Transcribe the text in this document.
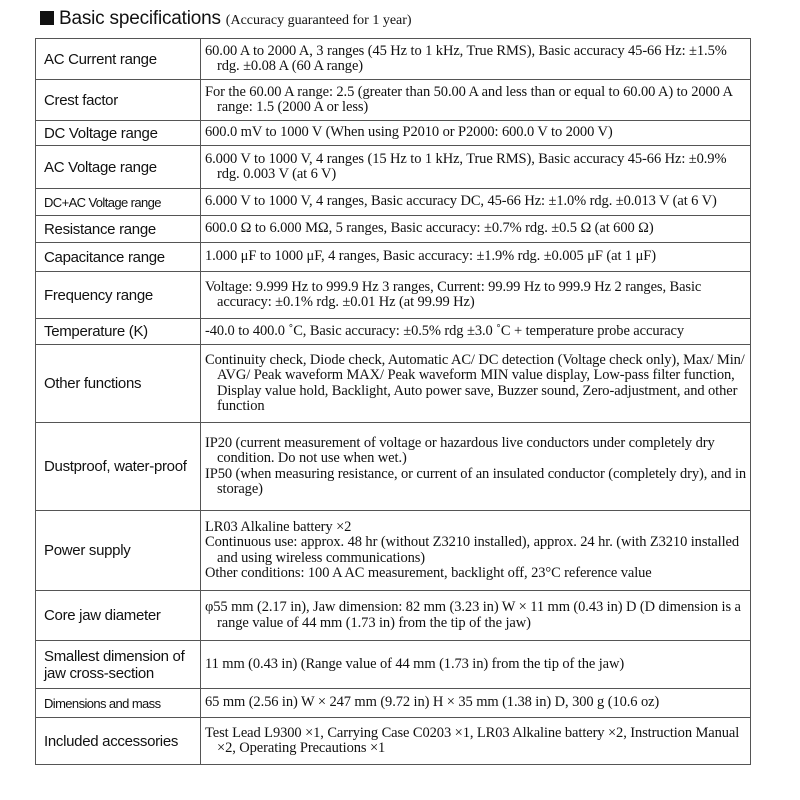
Basic specifications (Accuracy guaranteed for 1 year)
AC Current range	60.00 A to 2000 A, 3 ranges (45 Hz to 1 kHz, True RMS), Basic accuracy 45-66 Hz: ±1.5% rdg. ±0.08 A (60 A range)

Crest factor	For the 60.00 A range: 2.5 (greater than 50.00 A and less than or equal to 60.00 A) to 2000 A range: 1.5 (2000 A or less)

DC Voltage range	600.0 mV to 1000 V (When using P2010 or P2000: 600.0 V to 2000 V)

AC Voltage range	6.000 V to 1000 V, 4 ranges (15 Hz to 1 kHz, True RMS), Basic accuracy 45-66 Hz: ±0.9% rdg. 0.003 V (at 6 V)

DC+AC Voltage range	6.000 V to 1000 V, 4 ranges, Basic accuracy DC, 45-66 Hz: ±1.0% rdg. ±0.013 V (at 6 V)

Resistance range	600.0 Ω to 6.000 MΩ, 5 ranges, Basic accuracy: ±0.7% rdg. ±0.5 Ω (at 600 Ω)

Capacitance range	1.000 μF to 1000 μF, 4 ranges, Basic accuracy: ±1.9% rdg. ±0.005 μF (at 1 μF)

Frequency range	Voltage: 9.999 Hz to 999.9 Hz 3 ranges, Current: 99.99 Hz to 999.9 Hz 2 ranges, Basic accuracy: ±0.1% rdg. ±0.01 Hz (at 99.99 Hz)

Temperature (K)	-40.0 to 400.0 ˚C, Basic accuracy: ±0.5% rdg ±3.0 ˚C + temperature probe accuracy

Other functions	Continuity check, Diode check, Automatic AC/ DC detection (Voltage check only), Max/ Min/ AVG/ Peak waveform MAX/ Peak waveform MIN value display, Low-pass filter function, Display value hold, Backlight, Auto power save, Buzzer sound, Zero-adjustment, and other function

Dustproof, water-proof	IP20 (current measurement of voltage or hazardous live conductors under completely dry condition. Do not use when wet.)
IP50 (when measuring resistance, or current of an insulated conductor (completely dry), and in storage)

Power supply	LR03 Alkaline battery ×2
Continuous use: approx. 48 hr (without Z3210 installed), approx. 24 hr. (with Z3210 installed and using wireless communications)
Other conditions: 100 A AC measurement, backlight off, 23°C reference value

Core jaw diameter	φ55 mm (2.17 in), Jaw dimension: 82 mm (3.23 in) W × 11 mm (0.43 in) D (D dimension is a range value of 44 mm (1.73 in) from the tip of the jaw)

Smallest dimension of jaw cross-section	11 mm (0.43 in) (Range value of 44 mm (1.73 in) from the tip of the jaw)

Dimensions and mass	65 mm (2.56 in) W × 247 mm (9.72 in) H × 35 mm (1.38 in) D, 300 g (10.6 oz)

Included accessories	Test Lead L9300 ×1, Carrying Case C0203 ×1, LR03 Alkaline battery ×2, Instruction Manual ×2, Operating Precautions ×1
